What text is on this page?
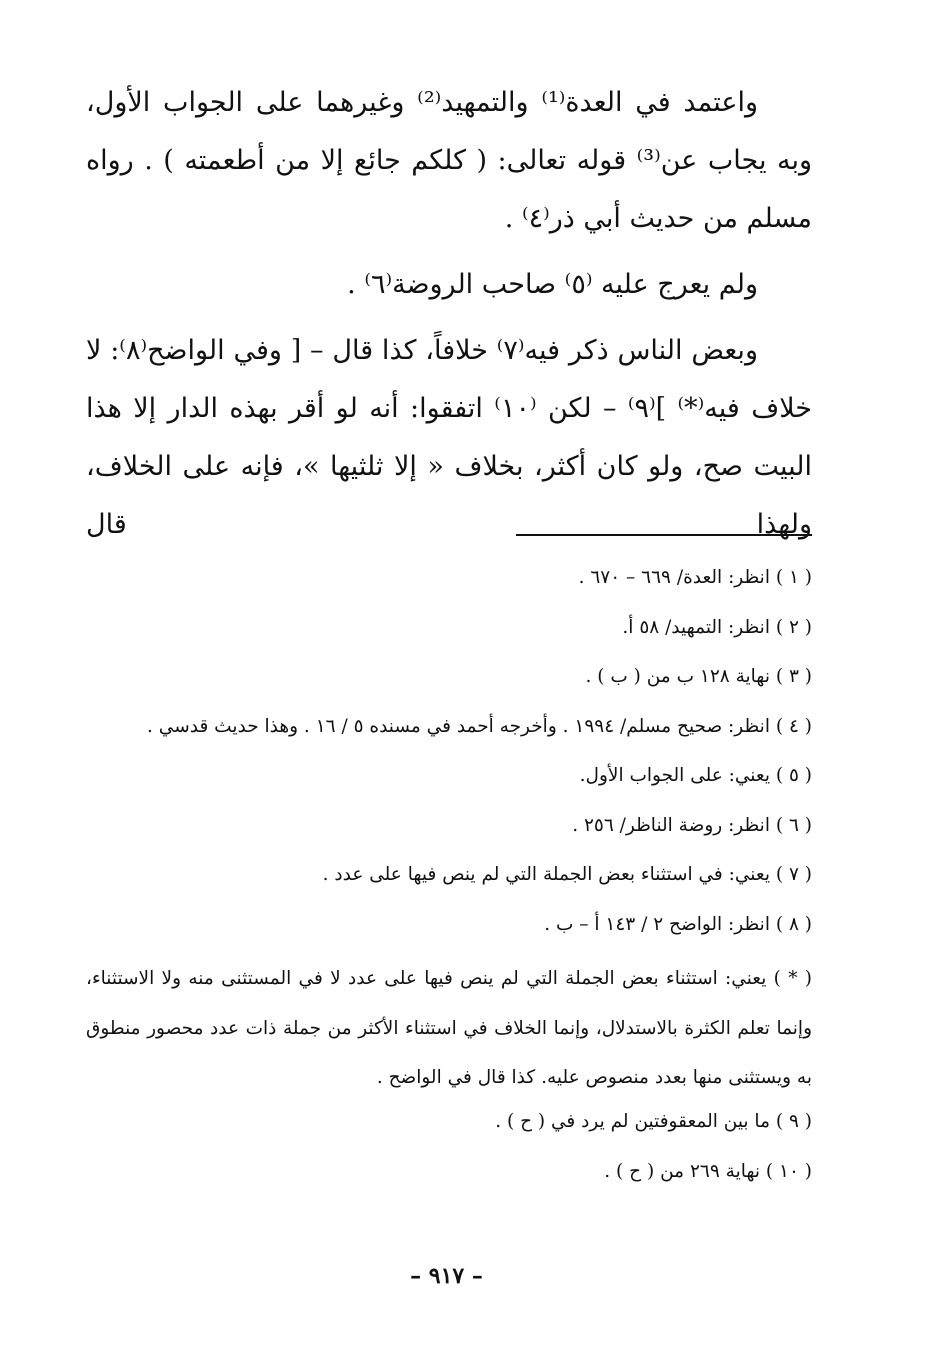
واعتمد في العدة⁽¹⁾ والتمهيد⁽²⁾ وغيرهما على الجواب الأول، وبه يجاب عن⁽³⁾ قوله تعالى: ( كلكم جائع إلا من أطعمته ) . رواه مسلم من حديث أبي ذر⁽٤⁾ .

ولم يعرج عليه ⁽٥⁾ صاحب الروضة⁽٦⁾ .

وبعض الناس ذكر فيه⁽٧⁾ خلافاً، كذا قال – [ وفي الواضح⁽٨⁾: لا خلاف فيه⁽*⁾ ]⁽٩⁾ – لكن ⁽١٠⁾ اتفقوا: أنه لو أقر بهذه الدار إلا هذا البيت صح، ولو كان أكثر، بخلاف « إلا ثلثيها »، فإنه على الخلاف، ولهذا قال

( ١ ) انظر: العدة/ ٦٦٩ – ٦٧٠ .
( ٢ ) انظر: التمهيد/ ٥٨ أ.
( ٣ ) نهاية ١٢٨ ب من ( ب ) .
( ٤ ) انظر: صحيح مسلم/ ١٩٩٤ . وأخرجه أحمد في مسنده ٥ / ١٦ . وهذا حديث قدسي .
( ٥ ) يعني: على الجواب الأول.
( ٦ ) انظر: روضة الناظر/ ٢٥٦ .
( ٧ ) يعني: في استثناء بعض الجملة التي لم ينص فيها على عدد .
( ٨ ) انظر: الواضح ٢ / ١٤٣ أ – ب .

( * ) يعني: استثناء بعض الجملة التي لم ينص فيها على عدد لا في المستثنى منه ولا الاستثناء، وإنما تعلم الكثرة بالاستدلال، وإنما الخلاف في استثناء الأكثر من جملة ذات عدد محصور منطوق به ويستثنى منها بعدد منصوص عليه. كذا قال في الواضح .

( ٩ ) ما بين المعقوفتين لم يرد في ( ح ) .
( ١٠ ) نهاية ٢٦٩ من ( ح ) .
– ٩١٧ –
